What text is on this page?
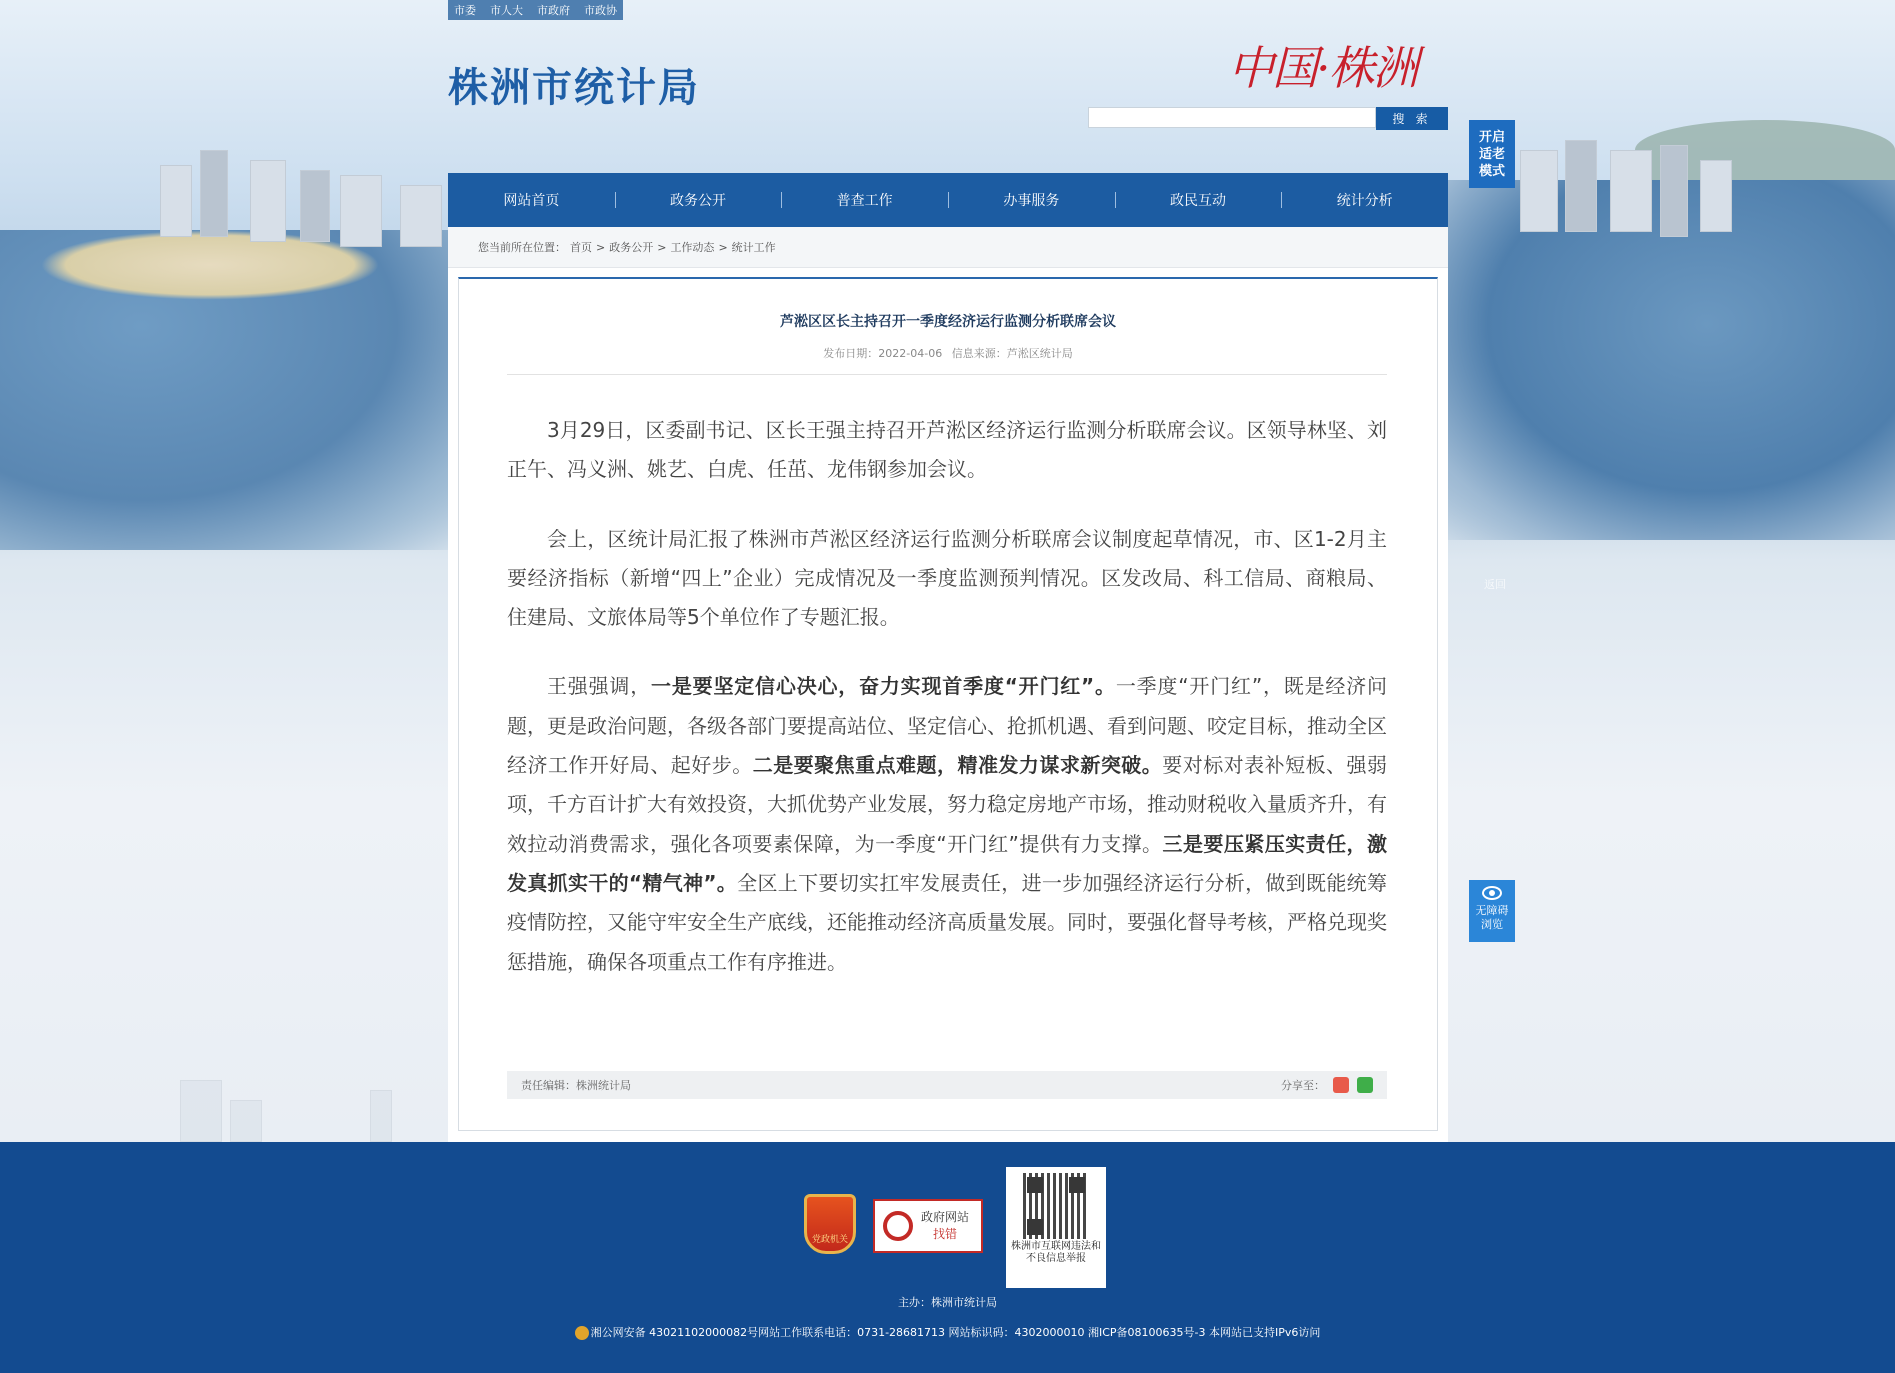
市委 市人大 市政府 市政协
株洲市统计局	中国·株洲
搜 索
开启适老模式
网站首页	政务公开	普查工作	办事服务	政民互动	统计分析
您当前所在位置： 首页 > 政务公开 > 工作动态 > 统计工作
芦淞区区长主持召开一季度经济运行监测分析联席会议
发布日期：2022-04-06 信息来源：芦淞区统计局

3月29日，区委副书记、区长王强主持召开芦淞区经济运行监测分析联席会议。区领导林坚、刘正午、冯义洲、姚艺、白虎、任茁、龙伟钢参加会议。

会上，区统计局汇报了株洲市芦淞区经济运行监测分析联席会议制度起草情况，市、区1-2月主要经济指标（新增“四上”企业）完成情况及一季度监测预判情况。区发改局、科工信局、商粮局、住建局、文旅体局等5个单位作了专题汇报。

王强强调，一是要坚定信心决心，奋力实现首季度“开门红”。一季度“开门红”，既是经济问题，更是政治问题，各级各部门要提高站位、坚定信心、抢抓机遇、看到问题、咬定目标，推动全区经济工作开好局、起好步。二是要聚焦重点难题，精准发力谋求新突破。要对标对表补短板、强弱项，千方百计扩大有效投资，大抓优势产业发展，努力稳定房地产市场，推动财税收入量质齐升，有效拉动消费需求，强化各项要素保障，为一季度“开门红”提供有力支撑。三是要压紧压实责任，激发真抓实干的“精气神”。全区上下要切实扛牢发展责任，进一步加强经济运行分析，做到既能统筹疫情防控，又能守牢安全生产底线，还能推动经济高质量发展。同时，要强化督导考核，严格兑现奖惩措施，确保各项重点工作有序推进。

责任编辑：株洲统计局	分享至：
返回
无障碍浏览
党政机关
政府网站
找错
株洲市互联网违法和不良信息举报
主办：株洲市统计局
湘公网安备 43021102000082号网站工作联系电话：0731-28681713 网站标识码：4302000010 湘ICP备08100635号-3 本网站已支持IPv6访问
